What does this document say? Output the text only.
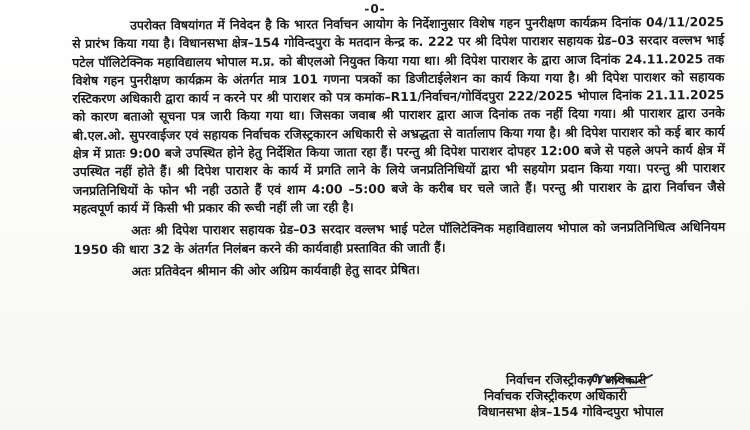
-0-

उपरोक्त विषयांगत में निवेदन है कि भारत निर्वाचन आयोग के निर्देशानुसार विशेष गहन पुनरीक्षण कार्यक्रम दिनांक 04/11/2025 से प्रारंभ किया गया है। विधानसभा क्षेत्र–154 गोविन्दपुरा के मतदान केन्द्र क. 222 पर श्री दिपेश पाराशर सहायक ग्रेड–03 सरदार वल्लभ भाई पटेल पॉलिटेक्निक महाविद्यालय भोपाल म.प्र. को बीएलओ नियुक्त किया गया था। श्री दिपेश पाराशर के द्वारा आज दिनांक 24.11.2025 तक विशेष गहन पुनरीक्षण कार्यक्रम के अंतर्गत मात्र 101 गणना पत्रकों का डिजीटाईलेशन का कार्य किया गया है। श्री दिपेश पाराशर को सहायक रस्टिकरण अधिकारी द्वारा कार्य न करने पर श्री पाराशर को पत्र कमांक–R11/निर्वाचन/गोविंदपुरा 222/2025 भोपाल दिनांक 21.11.2025 को कारण बताओ सूचना पत्र जारी किया गया था। जिसका जवाब श्री पाराशर द्वारा आज दिनांक तक नहीं दिया गया। श्री पाराशर द्वारा उनके बी.एल.ओ. सुपरवाईजर एवं सहायक निर्वाचक रजिस्ट्रकारन अधिकारी से अभ्रद्धता से वार्तालाप किया गया है। श्री दिपेश पाराशर को कई बार कार्य क्षेत्र में प्रातः 9:00 बजे उपस्थित होने हेतु निर्देशित किया जाता रहा हैं। परन्तु श्री दिपेश पाराशर दोपहर 12:00 बजे से पहले अपने कार्य क्षेत्र में उपस्थित नहीं होते हैं। श्री दिपेश पाराशर के कार्य में प्रगति लाने के लिये जनप्रतिनिधियों द्वारा भी सहयोग प्रदान किया गया। परन्तु श्री पाराशर जनप्रतिनिधियों के फोन भी नही उठाते हैं एवं शाम 4:00 –5:00 बजे के करीब घर चले जाते हैं। परन्तु श्री पाराशर के द्वारा निर्वाचन जैसे महत्वपूर्ण कार्य में किसी भी प्रकार की रूची नहीं ली जा रही है।

अतः श्री दिपेश पाराशर सहायक ग्रेड–03 सरदार वल्लभ भाई पटेल पॉलिटेक्निक महाविद्यालय भोपाल को जनप्रतिनिधित्व अधिनियम 1950 की धारा 32 के अंतर्गत निलंबन करने की कार्यवाही प्रस्तावित की जाती हैं।

अतः प्रतिवेदन श्रीमान की ओर अग्रिम कार्यवाही हेतु सादर प्रेषित।

निर्वाचन रजिस्ट्रीकरण अधिकारी
निर्वाचक रजिस्ट्रीकरण अधिकारी
विधानसभा क्षेत्र–154 गोविन्दपुरा भोपाल
